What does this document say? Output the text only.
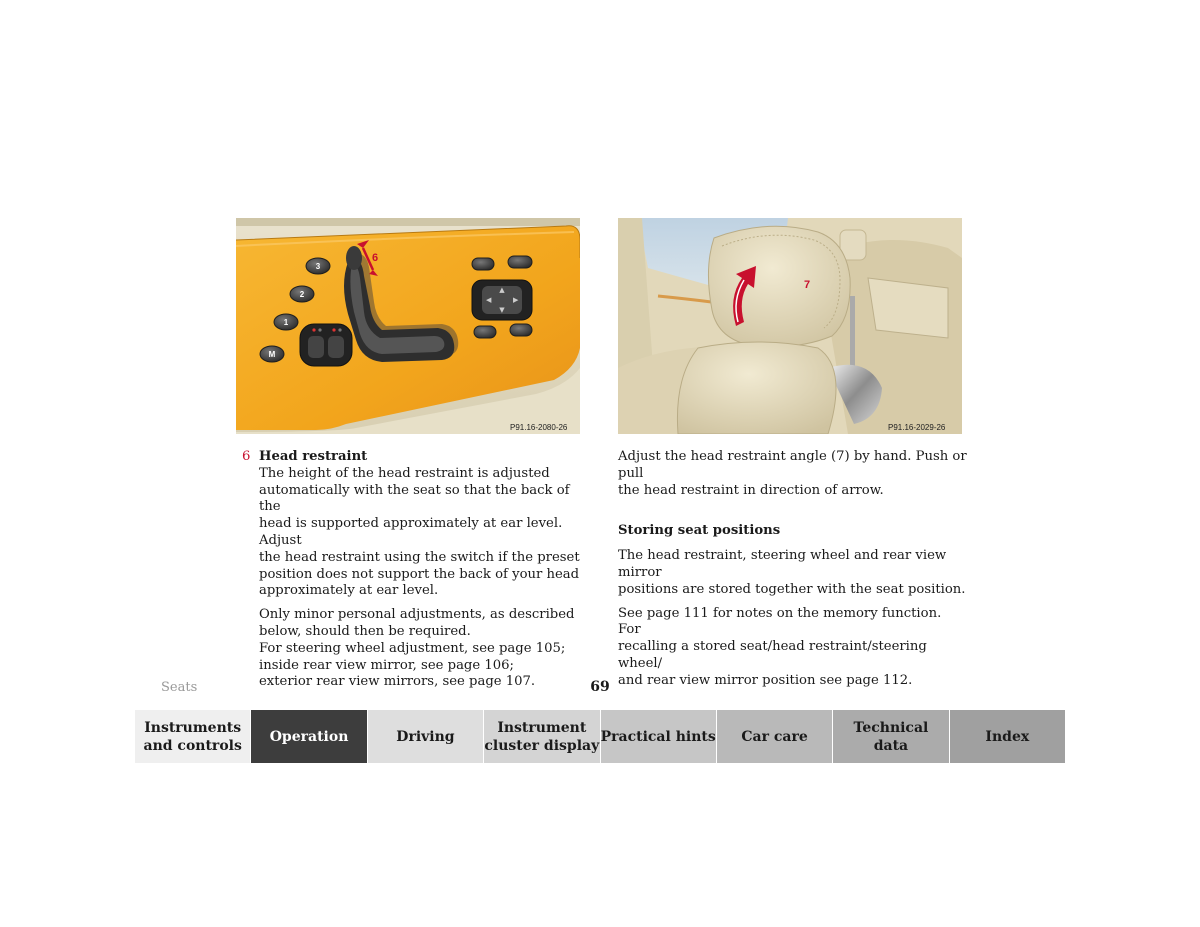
▲
▼
◀	▶
P91.16-2080-26
6
3
2
1
M
7
P91.16-2029-26
6 Head restraint
The height of the head restraint is adjusted
automatically with the seat so that the back of the
head is supported approximately at ear level. Adjust
the head restraint using the switch if the preset
position does not support the back of your head
approximately at ear level.
Only minor personal adjustments, as described
below, should then be required.
For steering wheel adjustment, see page 105;
inside rear view mirror, see page 106;
exterior rear view mirrors, see page 107.
Adjust the head restraint angle (7) by hand. Push or pull
the head restraint in direction of arrow.
Storing seat positions
The head restraint, steering wheel and rear view mirror
positions are stored together with the seat position.
See page 111 for notes on the memory function. For
recalling a stored seat/head restraint/steering wheel/
and rear view mirror position see page 112.
Seats	69
Instruments
and controls
Operation	Driving
Instrument
cluster display
Practical hints Car care
Technical
data
Index
